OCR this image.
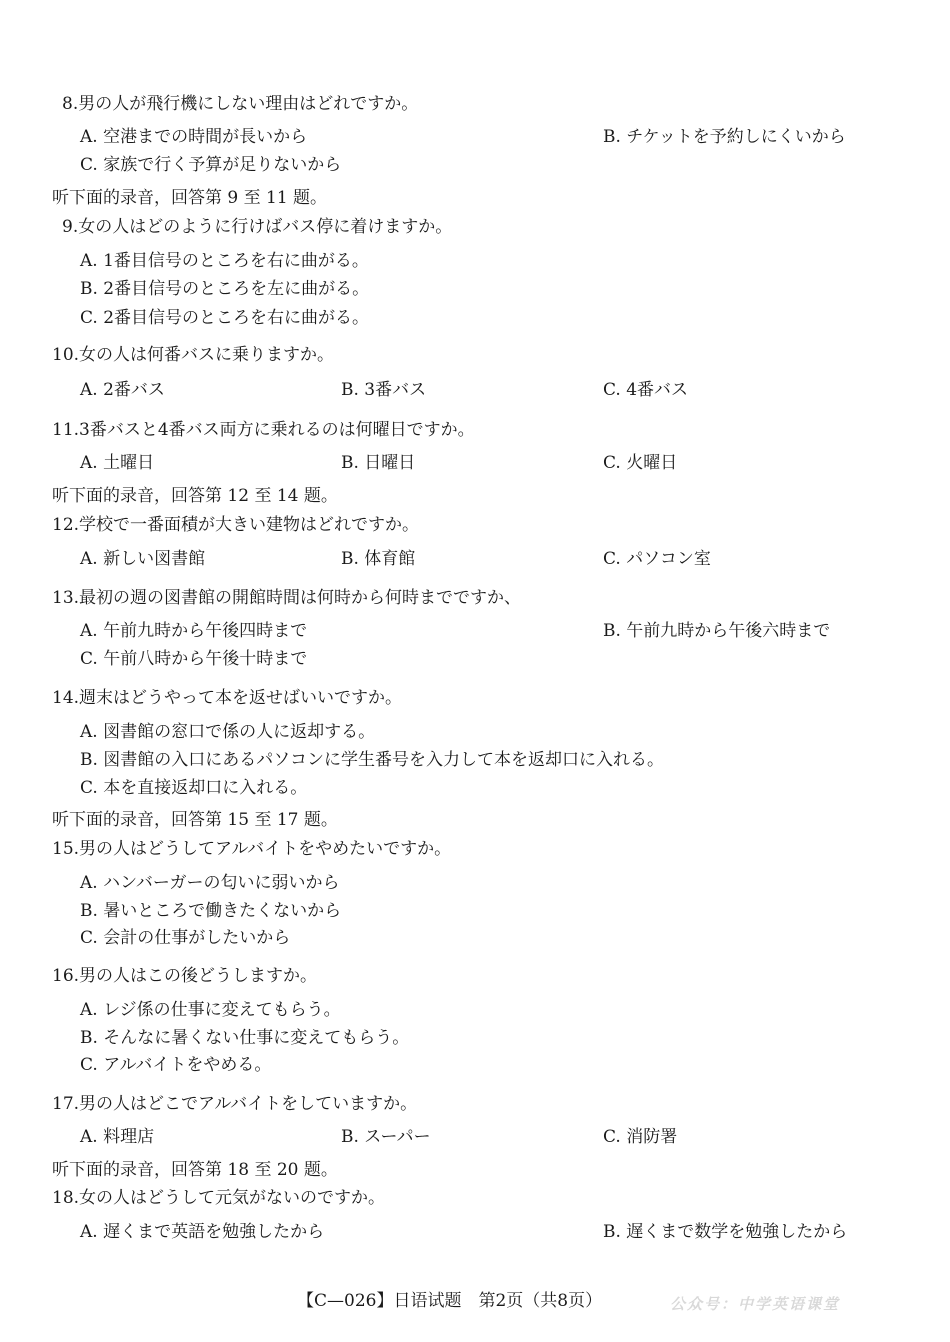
8.男の人が飛行機にしない理由はどれですか。
A. 空港までの時間が長いから	B. チケットを予約しにくいから
C. 家族で行く予算が足りないから
听下面的录音，回答第 9 至 11 题。
9.女の人はどのように行けばバス停に着けますか。
A. 1番目信号のところを右に曲がる。
B. 2番目信号のところを左に曲がる。
C. 2番目信号のところを右に曲がる。
10.女の人は何番バスに乗りますか。
A. 2番バス	B. 3番バス	C. 4番バス
11.3番バスと4番バス両方に乗れるのは何曜日ですか。
A. 土曜日	B. 日曜日	C. 火曜日
听下面的录音，回答第 12 至 14 题。
12.学校で一番面積が大きい建物はどれですか。
A. 新しい図書館	B. 体育館	C. パソコン室
13.最初の週の図書館の開館時間は何時から何時までですか、
A. 午前九時から午後四時まで	B. 午前九時から午後六時まで
C. 午前八時から午後十時まで
14.週末はどうやって本を返せばいいですか。
A. 図書館の窓口で係の人に返却する。
B. 図書館の入口にあるパソコンに学生番号を入力して本を返却口に入れる。
C. 本を直接返却口に入れる。
听下面的录音，回答第 15 至 17 题。
15.男の人はどうしてアルバイトをやめたいですか。
A. ハンバーガーの匂いに弱いから
B. 暑いところで働きたくないから
C. 会計の仕事がしたいから
16.男の人はこの後どうしますか。
A. レジ係の仕事に変えてもらう。
B. そんなに暑くない仕事に変えてもらう。
C. アルバイトをやめる。
17.男の人はどこでアルバイトをしていますか。
A. 料理店	B. スーパー	C. 消防署
听下面的录音，回答第 18 至 20 题。
18.女の人はどうして元気がないのですか。
A. 遅くまで英語を勉強したから	B. 遅くまで数学を勉強したから
【C—026】日语试题　第2页（共8页）	公众号：中学英语课堂
